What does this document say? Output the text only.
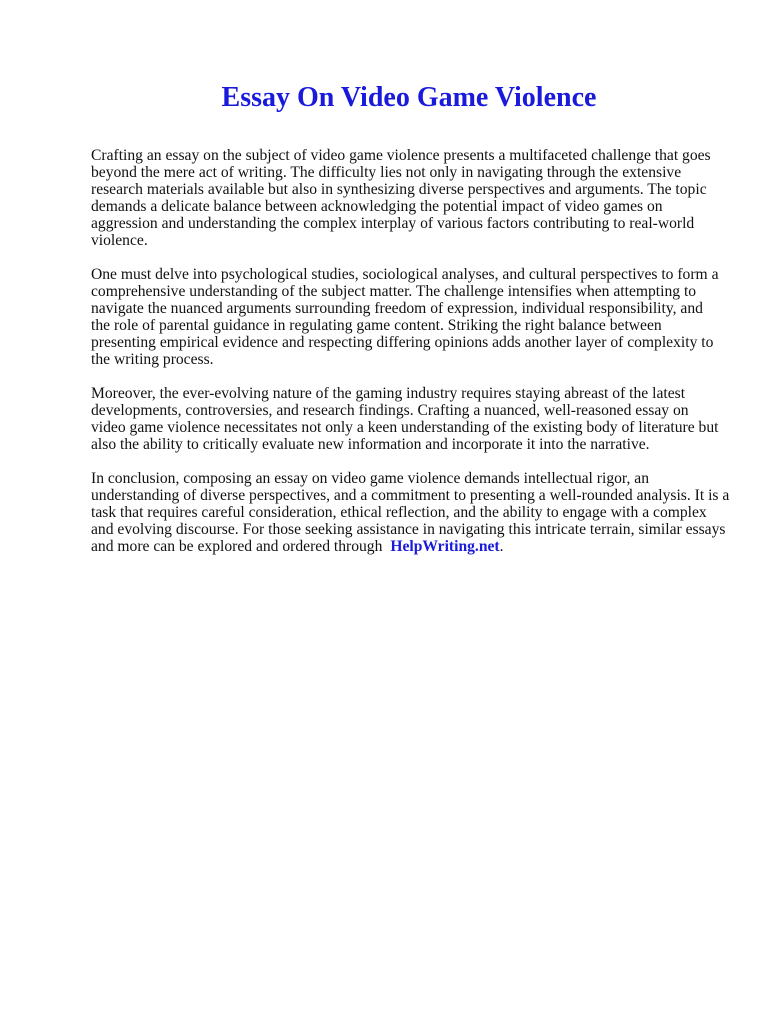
Essay On Video Game Violence

Crafting an essay on the subject of video game violence presents a multifaceted challenge that goes beyond the mere act of writing. The difficulty lies not only in navigating through the extensive research materials available but also in synthesizing diverse perspectives and arguments. The topic demands a delicate balance between acknowledging the potential impact of video games on aggression and understanding the complex interplay of various factors contributing to real-world violence.

One must delve into psychological studies, sociological analyses, and cultural perspectives to form a comprehensive understanding of the subject matter. The challenge intensifies when attempting to navigate the nuanced arguments surrounding freedom of expression, individual responsibility, and the role of parental guidance in regulating game content. Striking the right balance between presenting empirical evidence and respecting differing opinions adds another layer of complexity to the writing process.

Moreover, the ever-evolving nature of the gaming industry requires staying abreast of the latest developments, controversies, and research findings. Crafting a nuanced, well-reasoned essay on video game violence necessitates not only a keen understanding of the existing body of literature but also the ability to critically evaluate new information and incorporate it into the narrative.

In conclusion, composing an essay on video game violence demands intellectual rigor, an understanding of diverse perspectives, and a commitment to presenting a well-rounded analysis. It is a task that requires careful consideration, ethical reflection, and the ability to engage with a complex and evolving discourse. For those seeking assistance in navigating this intricate terrain, similar essays and more can be explored and ordered through HelpWriting.net.
